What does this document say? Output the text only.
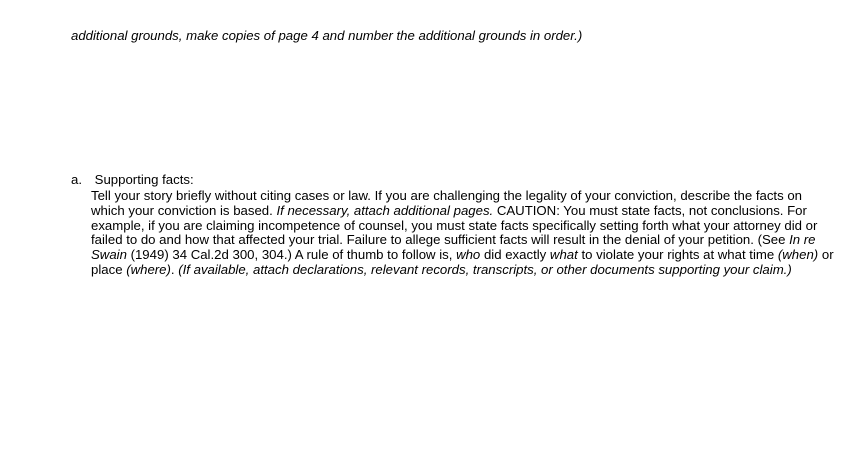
additional grounds, make copies of page 4 and number the additional grounds in order.)
a. Supporting facts:
Tell your story briefly without citing cases or law. If you are challenging the legality of your conviction, describe the facts on
which your conviction is based. If necessary, attach additional pages. CAUTION: You must state facts, not conclusions. For
example, if you are claiming incompetence of counsel, you must state facts specifically setting forth what your attorney did or
failed to do and how that affected your trial. Failure to allege sufficient facts will result in the denial of your petition. (See In re
Swain (1949) 34 Cal.2d 300, 304.) A rule of thumb to follow is, who did exactly what to violate your rights at what time (when) or
place (where). (If available, attach declarations, relevant records, transcripts, or other documents supporting your claim.)
